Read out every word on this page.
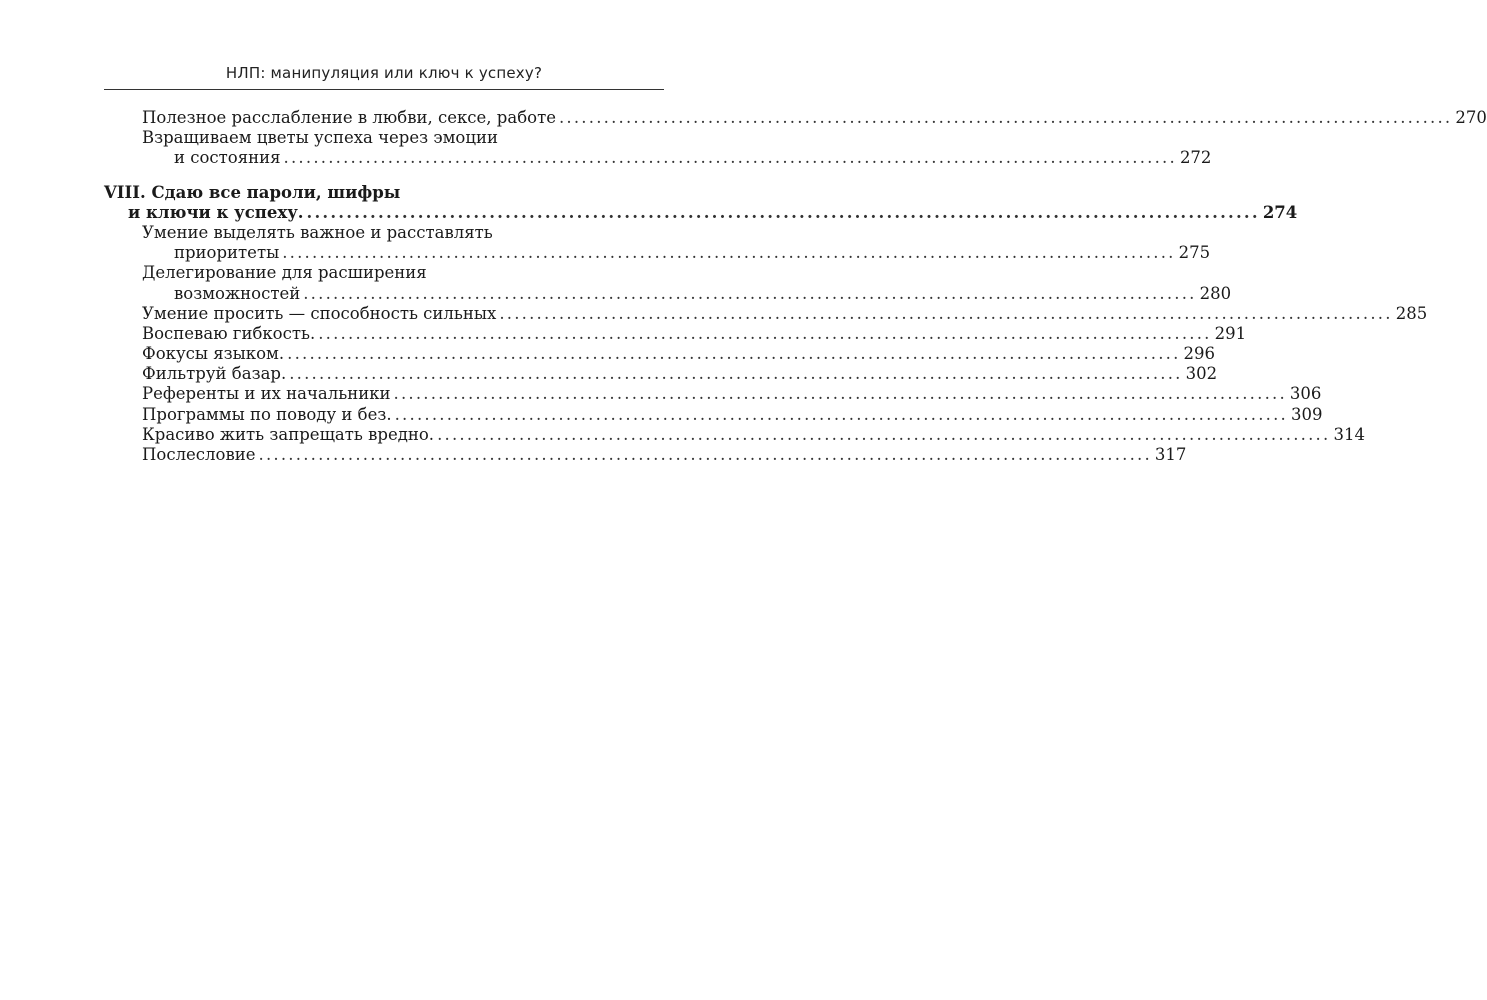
НЛП: манипуляция или ключ к успеху?
Полезное расслабление в любви, сексе, работе ........................................................................................................................ 270
Взращиваем цветы успеха через эмоции
и состояния ........................................................................................................................ 272
VIII. Сдаю все пароли, шифры
и ключи к успеху. ........................................................................................................................ 274
Умение выделять важное и расставлять
приоритеты ........................................................................................................................ 275
Делегирование для расширения
возможностей ........................................................................................................................ 280
Умение просить — способность сильных ........................................................................................................................ 285
Воспеваю гибкость. ........................................................................................................................ 291
Фокусы языком. ........................................................................................................................ 296
Фильтруй базар. ........................................................................................................................ 302
Референты и их начальники ........................................................................................................................ 306
Программы по поводу и без. ........................................................................................................................ 309
Красиво жить запрещать вредно. ........................................................................................................................ 314
Послесловие ........................................................................................................................ 317
